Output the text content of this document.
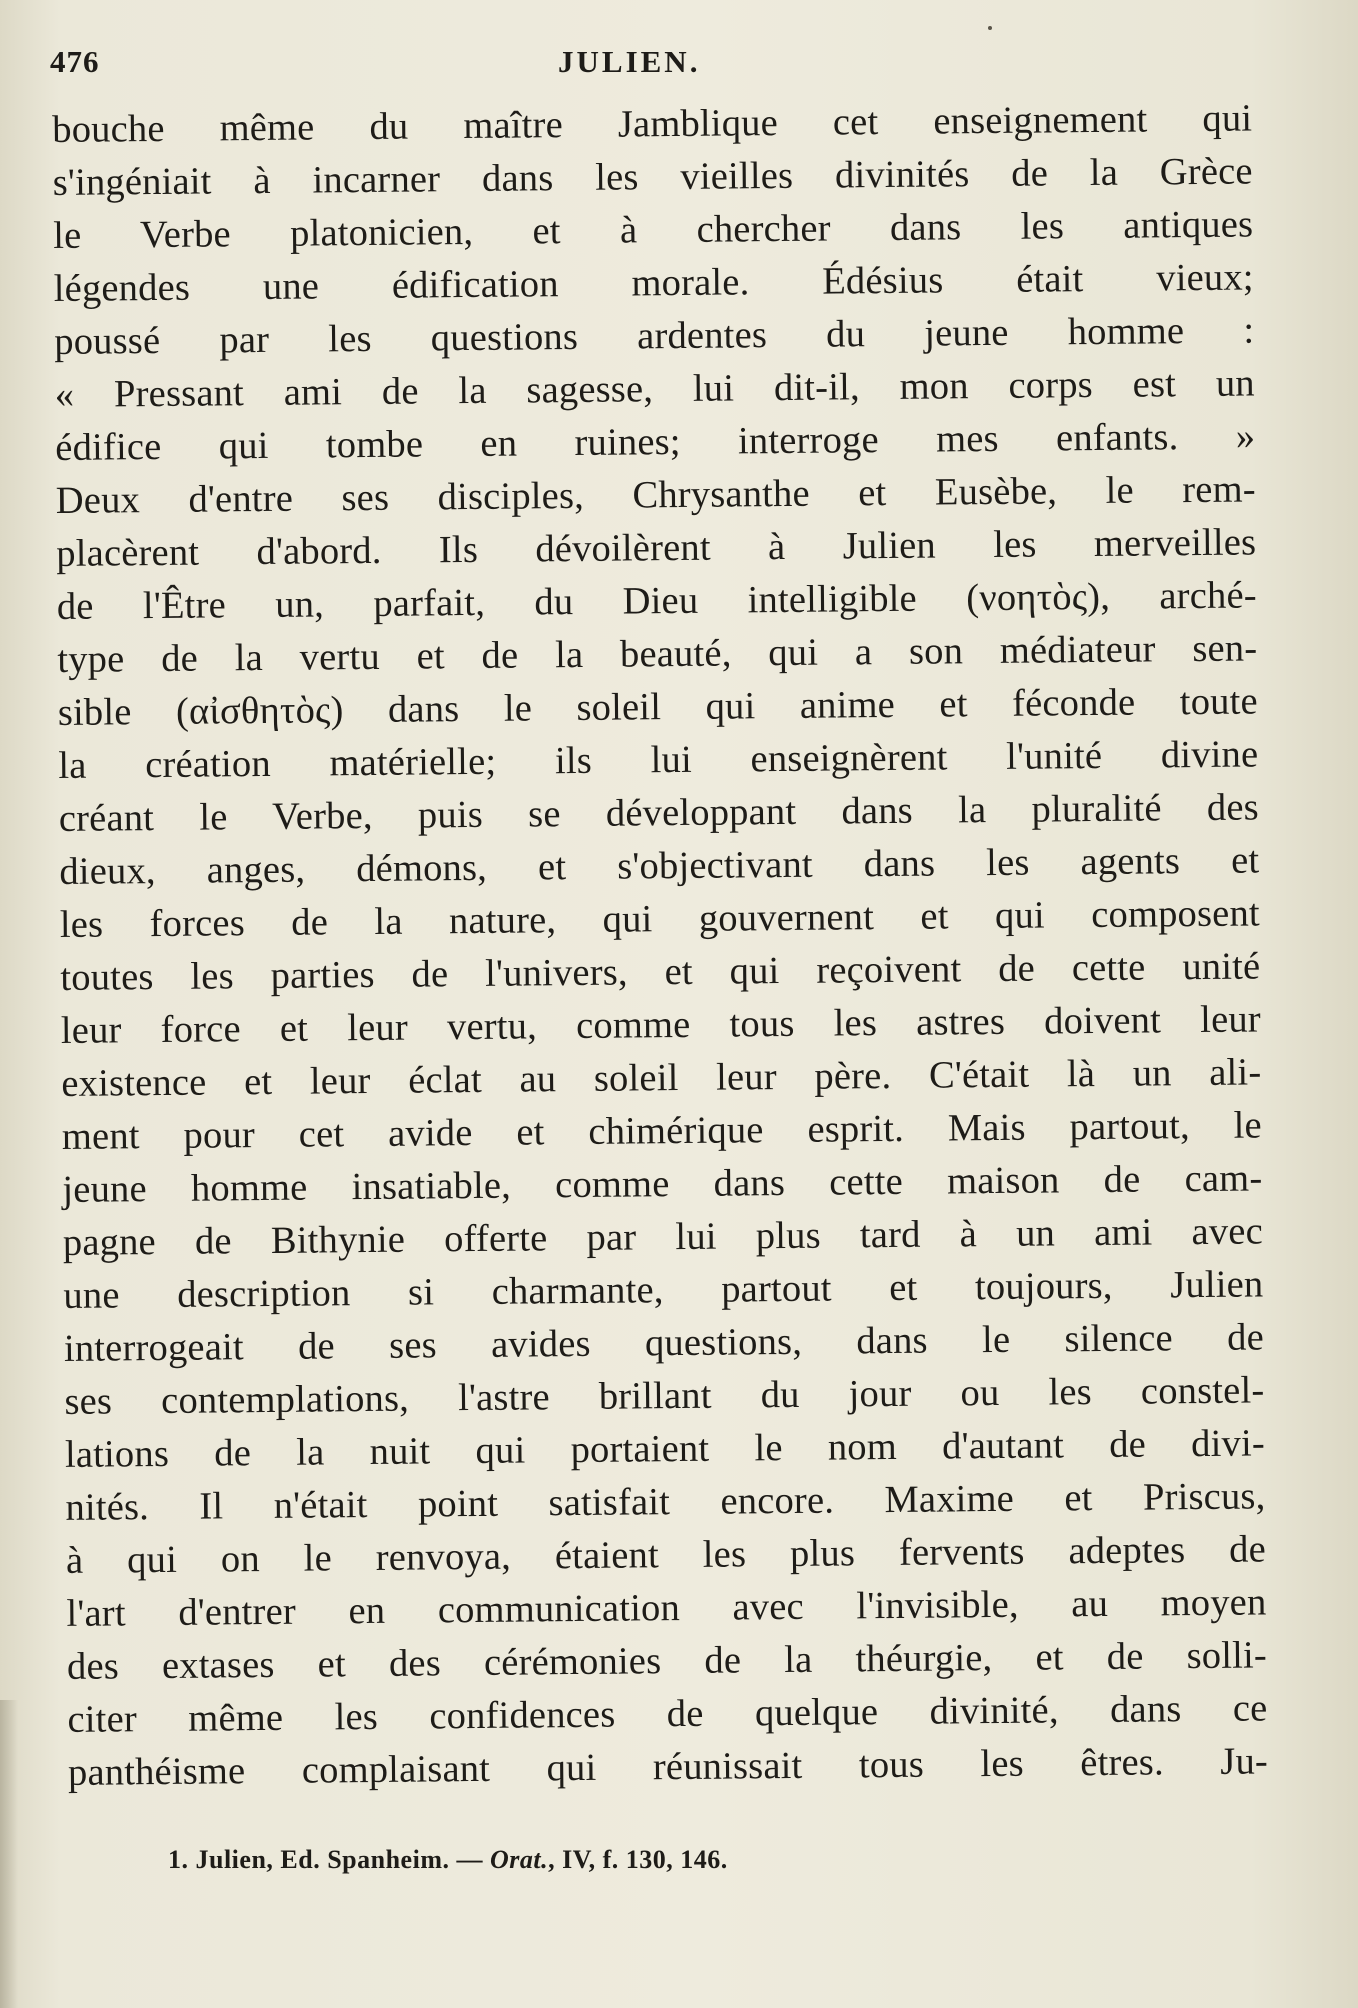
476	JULIEN.
bouche même du maître Jamblique cet enseignement qui
s'ingéniait à incarner dans les vieilles divinités de la Grèce
le Verbe platonicien, et à chercher dans les antiques
légendes une édification morale. Édésius était vieux;
poussé par les questions ardentes du jeune homme :
« Pressant ami de la sagesse, lui dit-il, mon corps est un
édifice qui tombe en ruines; interroge mes enfants. »
Deux d'entre ses disciples, Chrysanthe et Eusèbe, le rem-
placèrent d'abord. Ils dévoilèrent à Julien les merveilles
de l'Être un, parfait, du Dieu intelligible (νοητὸς), arché-
type de la vertu et de la beauté, qui a son médiateur sen-
sible (αἰσθητὸς) dans le soleil qui anime et féconde toute
la création matérielle; ils lui enseignèrent l'unité divine
créant le Verbe, puis se développant dans la pluralité des
dieux, anges, démons, et s'objectivant dans les agents et
les forces de la nature, qui gouvernent et qui composent
toutes les parties de l'univers, et qui reçoivent de cette unité
leur force et leur vertu, comme tous les astres doivent leur
existence et leur éclat au soleil leur père. C'était là un ali-
ment pour cet avide et chimérique esprit. Mais partout, le
jeune homme insatiable, comme dans cette maison de cam-
pagne de Bithynie offerte par lui plus tard à un ami avec
une description si charmante, partout et toujours, Julien
interrogeait de ses avides questions, dans le silence de
ses contemplations, l'astre brillant du jour ou les constel-
lations de la nuit qui portaient le nom d'autant de divi-
nités. Il n'était point satisfait encore. Maxime et Priscus,
à qui on le renvoya, étaient les plus fervents adeptes de
l'art d'entrer en communication avec l'invisible, au moyen
des extases et des cérémonies de la théurgie, et de solli-
citer même les confidences de quelque divinité, dans ce
panthéisme complaisant qui réunissait tous les êtres. Ju-
1. Julien, Ed. Spanheim. — Orat., IV, f. 130, 146.
